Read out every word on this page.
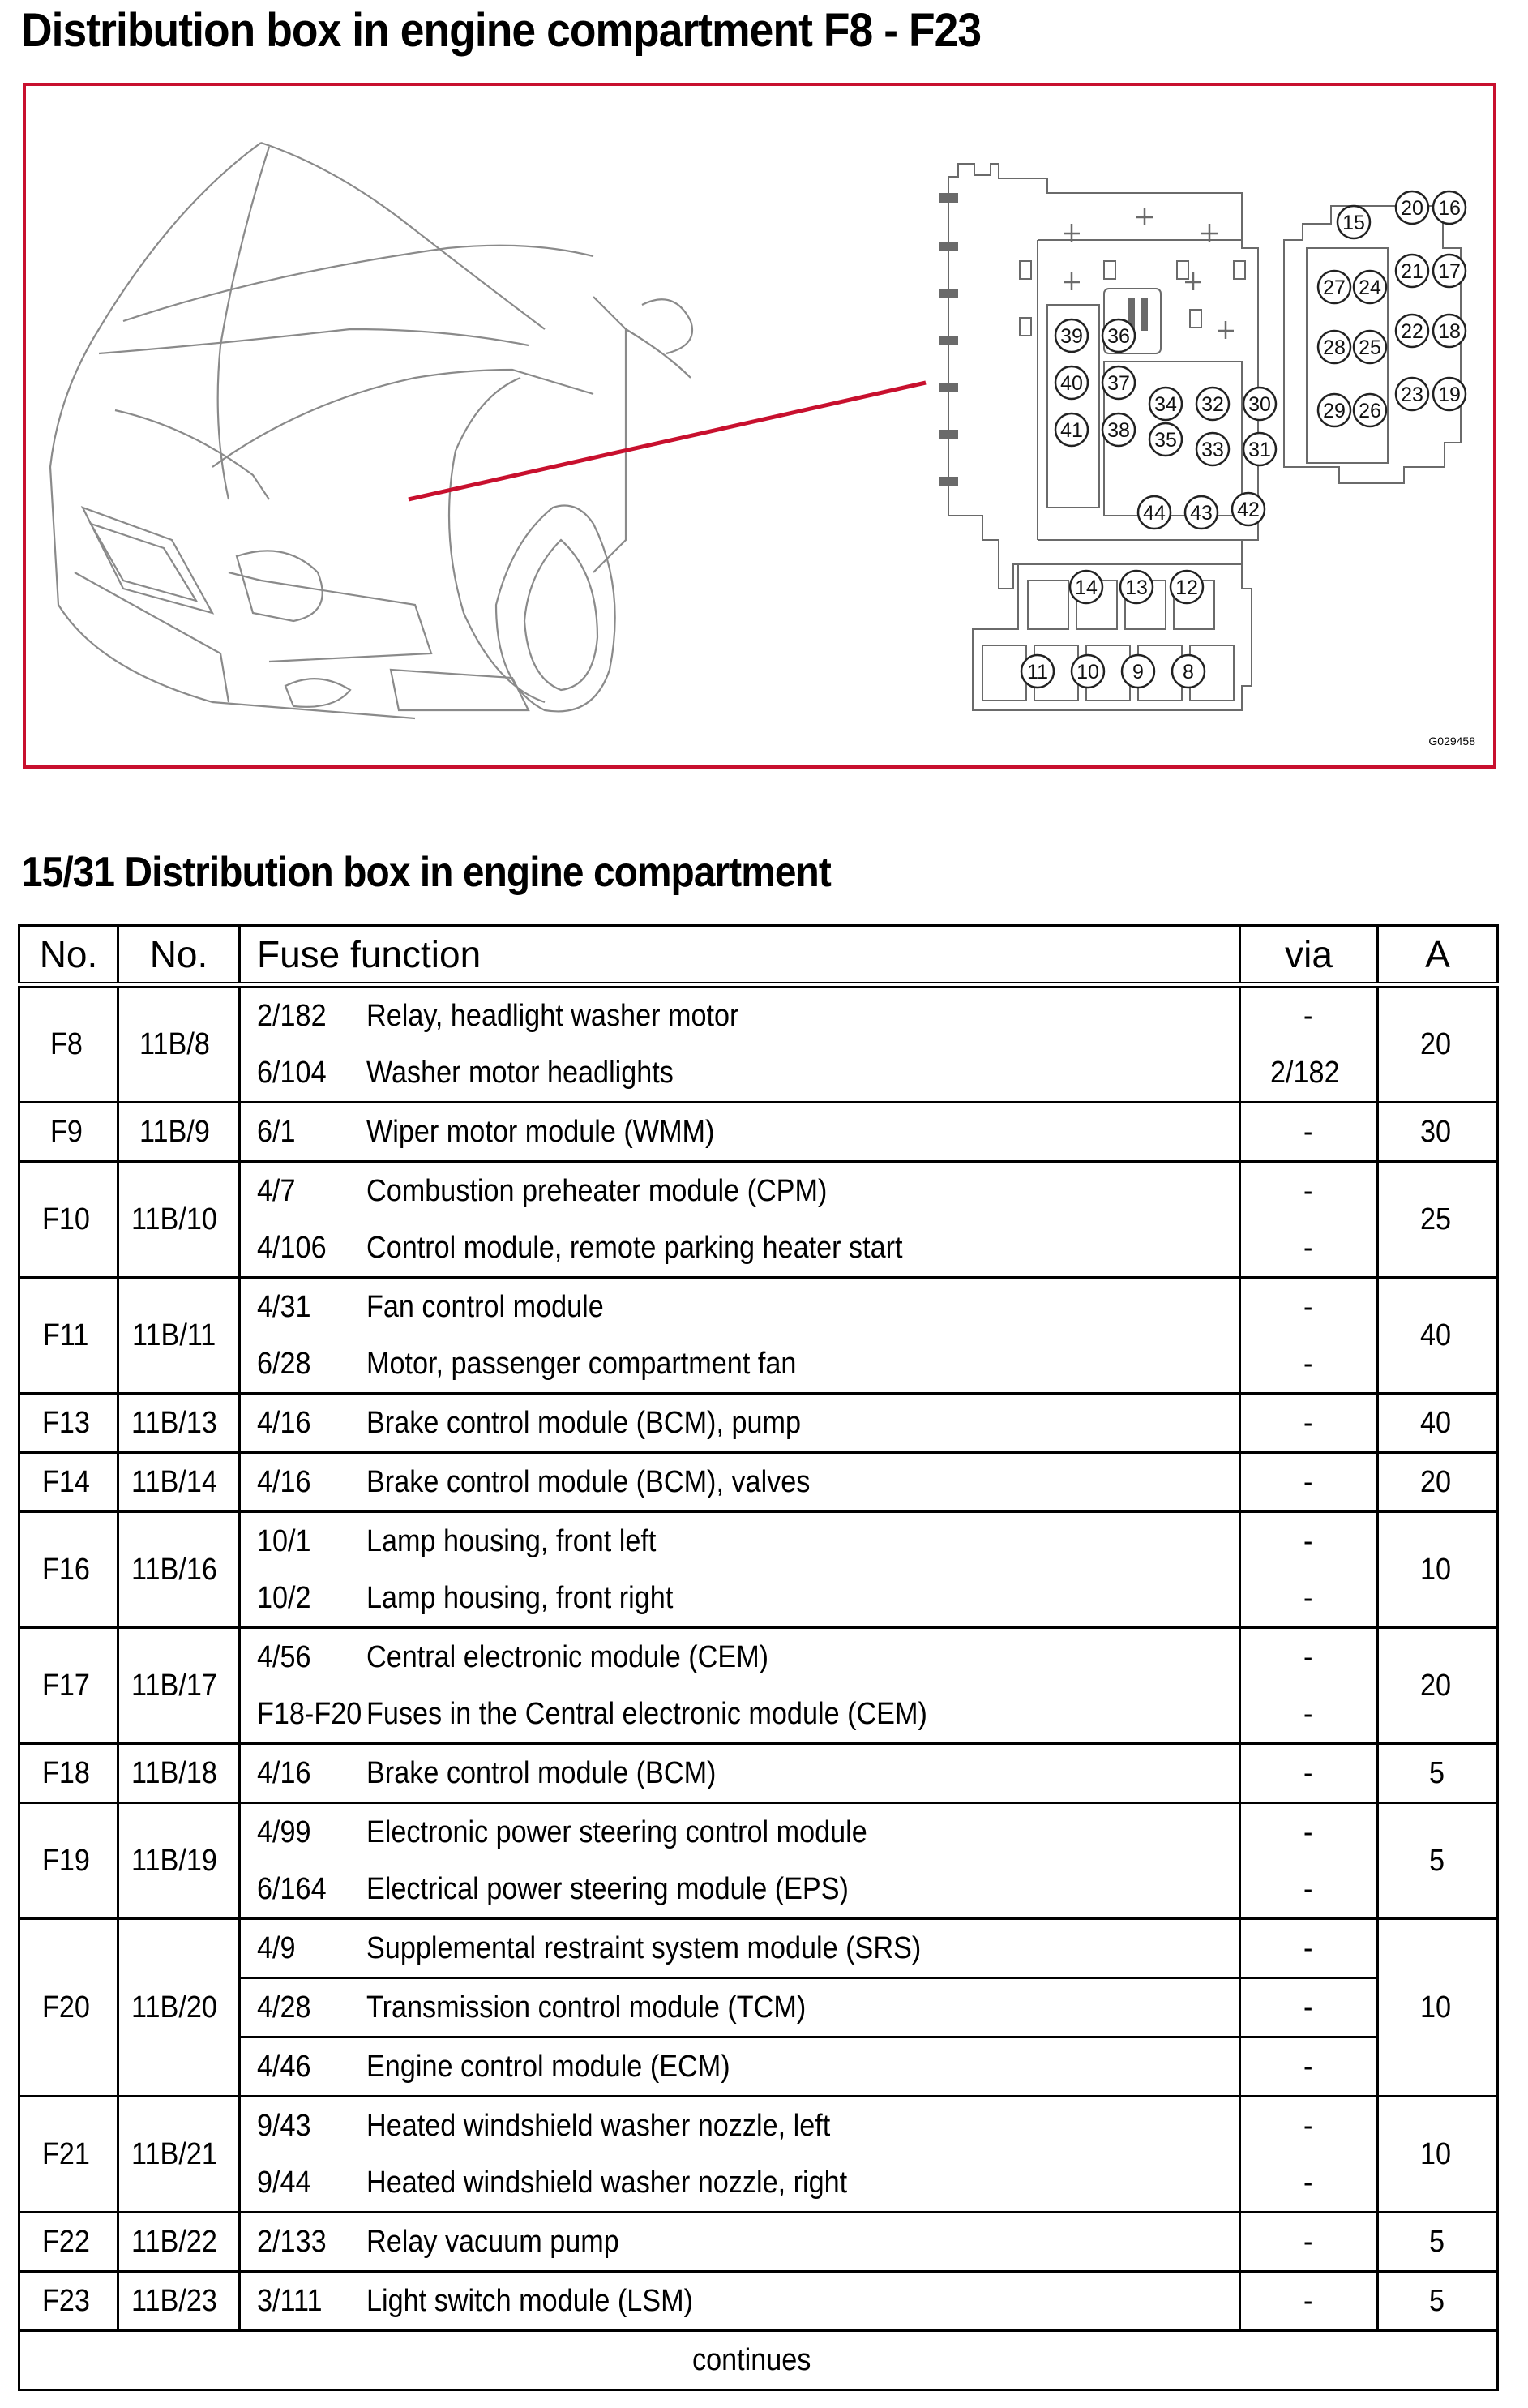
Distribution box in engine compartment F8 - F23
39 36
40 37
34 32 30
41 38 35 33 31
44 43 42
15
20 16
27 24
21 17
28 25
22 18
29 26
23 19
14 13 12
11 10 9 8
G029458
15/31 Distribution box in engine compartment
No.	No.	Fuse function		via	A
F8	11B/8	2/182	Relay, headlight washer motor	-	20
		6/104	Washer motor headlights	2/182	
F9	11B/9	6/1	Wiper motor module (WMM)	-	30
F10	11B/10	4/7	Combustion preheater module (CPM)	-	25
		4/106	Control module, remote parking heater start	-	
F11	11B/11	4/31	Fan control module	-	40
		6/28	Motor, passenger compartment fan	-	
F13	11B/13	4/16	Brake control module (BCM), pump	-	40
F14	11B/14	4/16	Brake control module (BCM), valves	-	20
F16	11B/16	10/1	Lamp housing, front left	-	10
		10/2	Lamp housing, front right	-	
F17	11B/17	4/56	Central electronic module (CEM)	-	20
		F18-F20	Fuses in the Central electronic module (CEM)	-	
F18	11B/18	4/16	Brake control module (BCM)	-	5
F19	11B/19	4/99	Electronic power steering control module	-	5
		6/164	Electrical power steering module (EPS)	-	
F20	11B/20	4/9	Supplemental restraint system module (SRS)	-	10
		4/28	Transmission control module (TCM)	-	
		4/46	Engine control module (ECM)	-	
F21	11B/21	9/43	Heated windshield washer nozzle, left	-	10
		9/44	Heated windshield washer nozzle, right	-	
F22	11B/22	2/133	Relay vacuum pump	-	5
F23	11B/23	3/111	Light switch module (LSM)	-	5
continues					
